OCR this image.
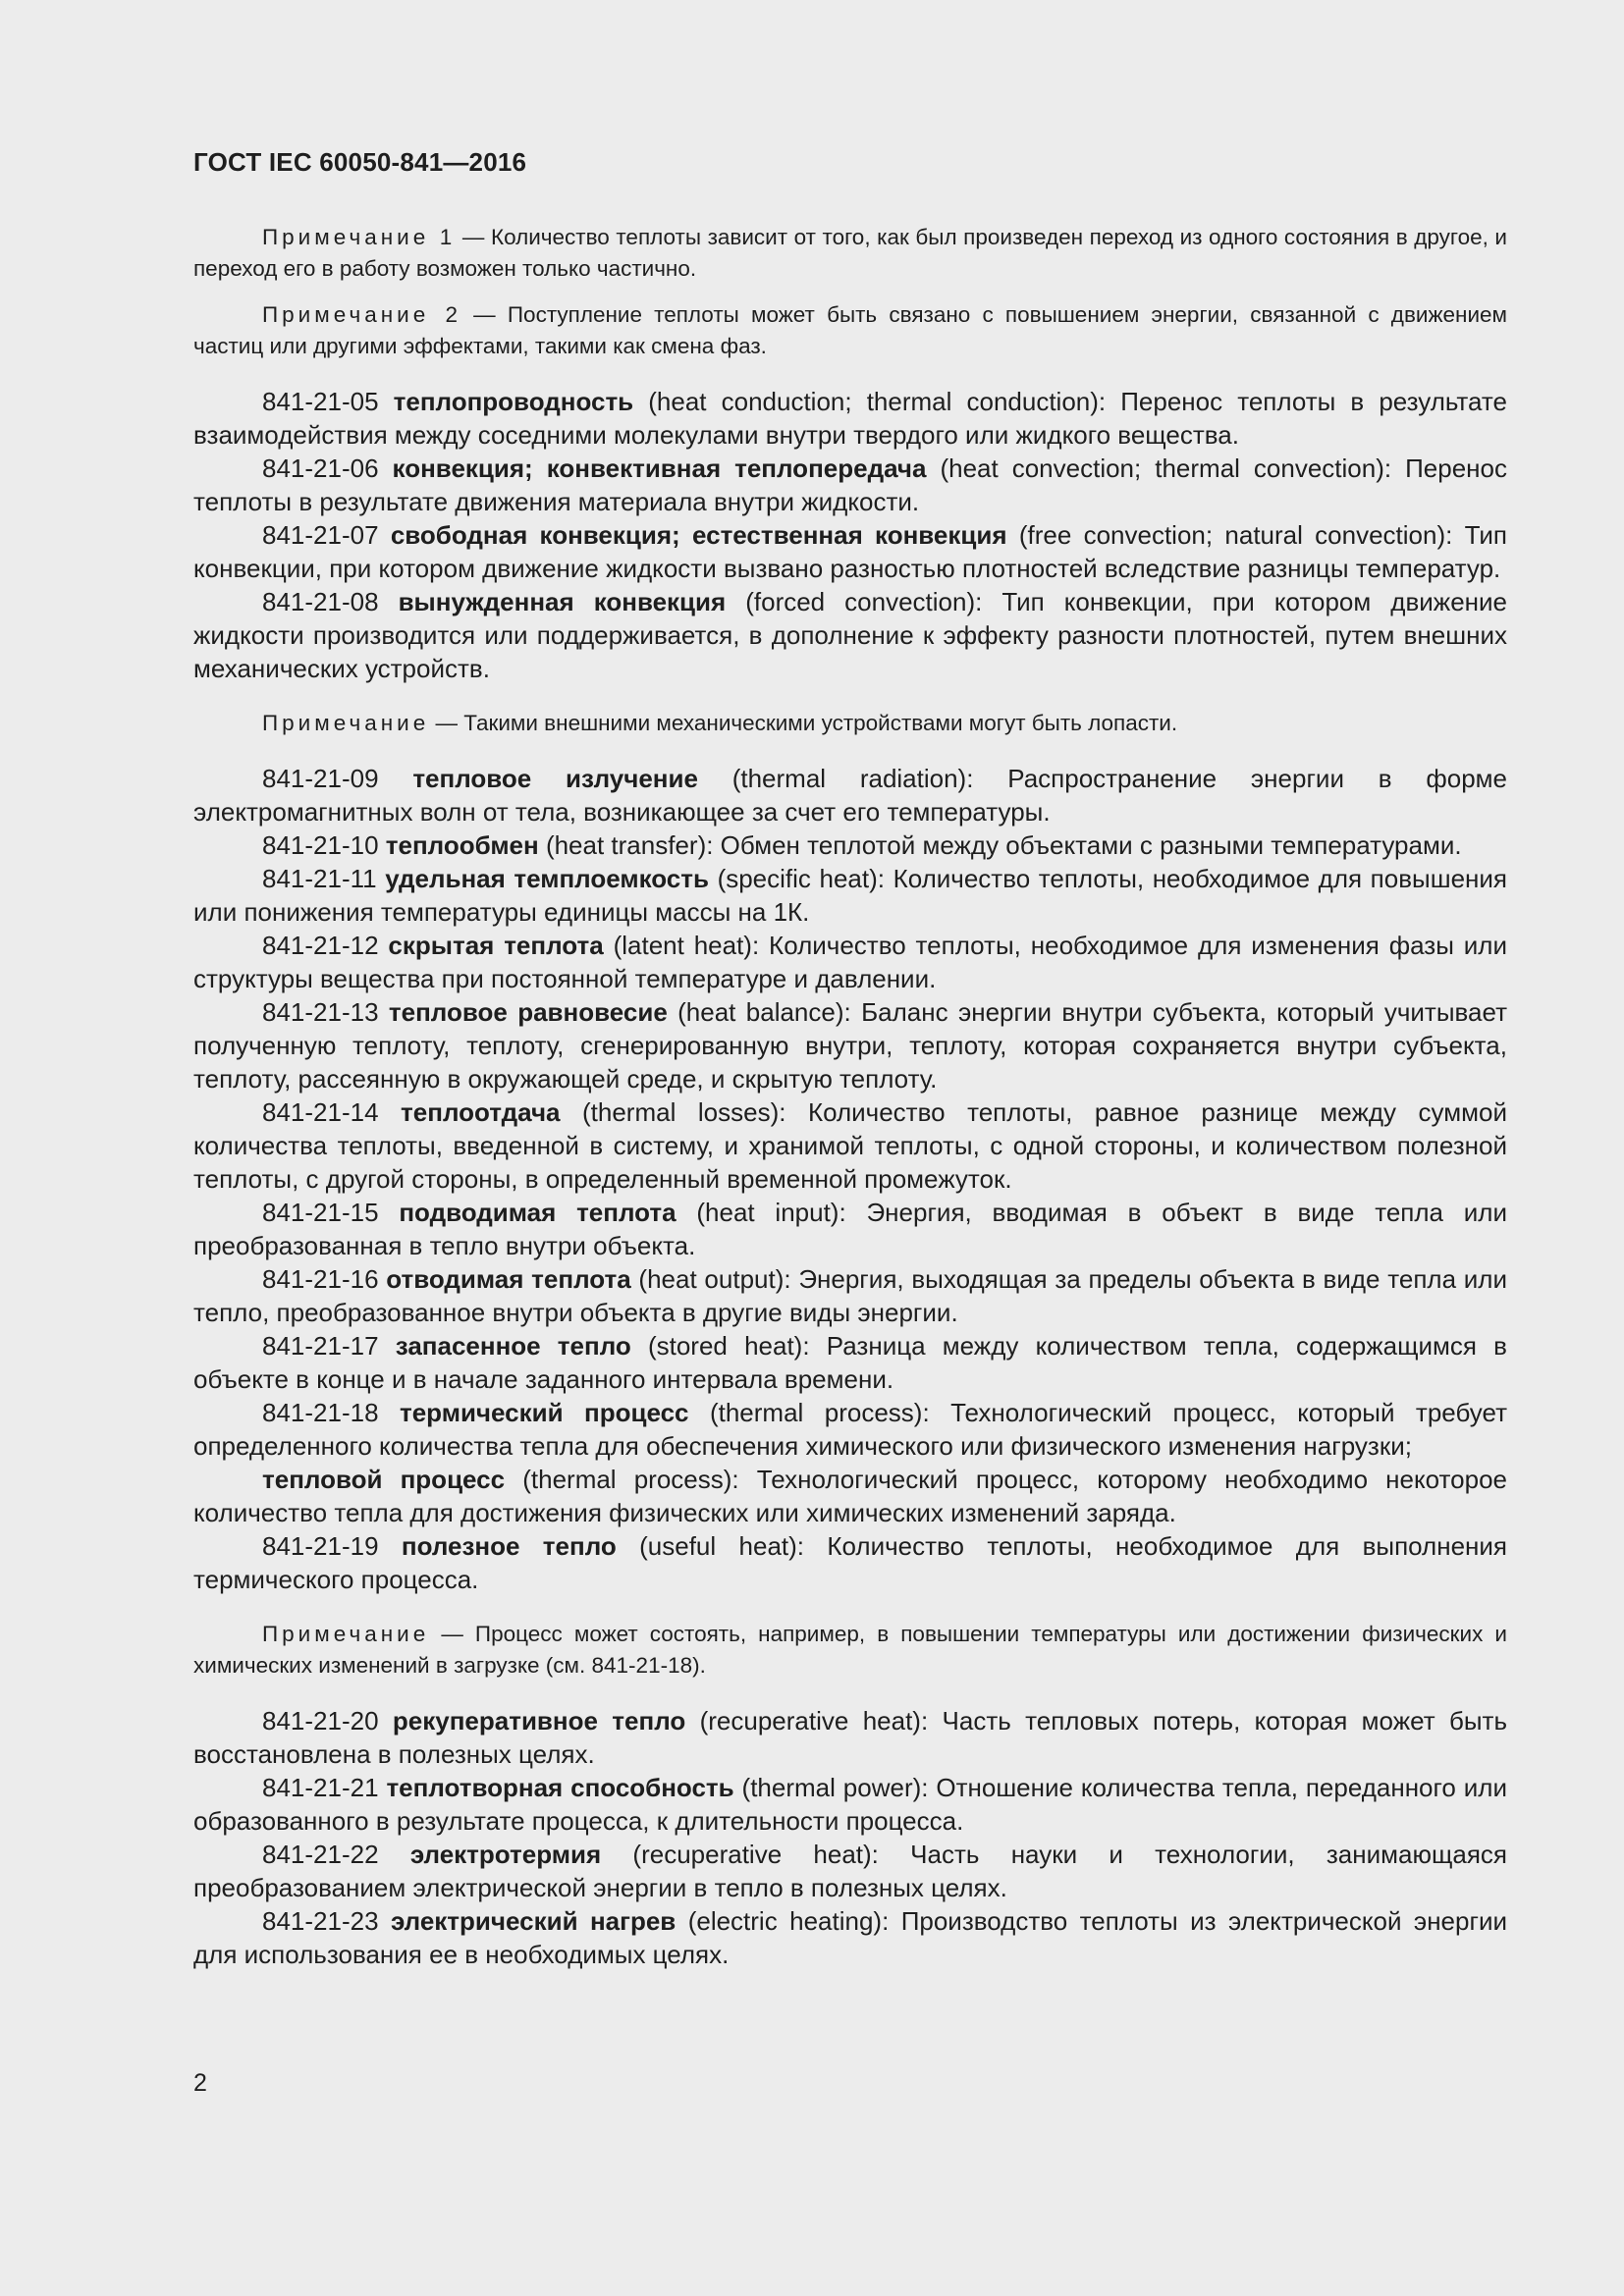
ГОСТ IEC 60050-841—2016

Примечание 1 — Количество теплоты зависит от того, как был произведен переход из одного состояния в другое, и переход его в работу возможен только частично.

Примечание 2 — Поступление теплоты может быть связано с повышением энергии, связанной с движением частиц или другими эффектами, такими как смена фаз.

841-21-05 теплопроводность (heat conduction; thermal conduction): Перенос теплоты в результате взаимодействия между соседними молекулами внутри твердого или жидкого вещества.

841-21-06 конвекция; конвективная теплопередача (heat convection; thermal convection): Перенос теплоты в результате движения материала внутри жидкости.

841-21-07 свободная конвекция; естественная конвекция (free convection; natural convection): Тип конвекции, при котором движение жидкости вызвано разностью плотностей вследствие разницы температур.

841-21-08 вынужденная конвекция (forced convection): Тип конвекции, при котором движение жидкости производится или поддерживается, в дополнение к эффекту разности плотностей, путем внешних механических устройств.

Примечание — Такими внешними механическими устройствами могут быть лопасти.

841-21-09 тепловое излучение (thermal radiation): Распространение энергии в форме электромагнитных волн от тела, возникающее за счет его температуры.

841-21-10 теплообмен (heat transfer): Обмен теплотой между объектами с разными температурами.

841-21-11 удельная темплоемкость (specific heat): Количество теплоты, необходимое для повышения или понижения температуры единицы массы на 1К.

841-21-12 скрытая теплота (latent heat): Количество теплоты, необходимое для изменения фазы или структуры вещества при постоянной температуре и давлении.

841-21-13 тепловое равновесие (heat balance): Баланс энергии внутри субъекта, который учитывает полученную теплоту, теплоту, сгенерированную внутри, теплоту, которая сохраняется внутри субъекта, теплоту, рассеянную в окружающей среде, и скрытую теплоту.

841-21-14 теплоотдача (thermal losses): Количество теплоты, равное разнице между суммой количества теплоты, введенной в систему, и хранимой теплоты, с одной стороны, и количеством полезной теплоты, с другой стороны, в определенный временной промежуток.

841-21-15 подводимая теплота (heat input): Энергия, вводимая в объект в виде тепла или преобразованная в тепло внутри объекта.

841-21-16 отводимая теплота (heat output): Энергия, выходящая за пределы объекта в виде тепла или тепло, преобразованное внутри объекта в другие виды энергии.

841-21-17 запасенное тепло (stored heat): Разница между количеством тепла, содержащимся в объекте в конце и в начале заданного интервала времени.

841-21-18 термический процесс (thermal process): Технологический процесс, который требует определенного количества тепла для обеспечения химического или физического изменения нагрузки;

тепловой процесс (thermal process): Технологический процесс, которому необходимо некоторое количество тепла для достижения физических или химических изменений заряда.

841-21-19 полезное тепло (useful heat): Количество теплоты, необходимое для выполнения термического процесса.

Примечание — Процесс может состоять, например, в повышении температуры или достижении физических и химических изменений в загрузке (см. 841-21-18).

841-21-20 рекуперативное тепло (recuperative heat): Часть тепловых потерь, которая может быть восстановлена в полезных целях.

841-21-21 теплотворная способность (thermal power): Отношение количества тепла, переданного или образованного в результате процесса, к длительности процесса.

841-21-22 электротермия (recuperative heat): Часть науки и технологии, занимающаяся преобразованием электрической энергии в тепло в полезных целях.

841-21-23 электрический нагрев (electric heating): Производство теплоты из электрической энергии для использования ее в необходимых целях.

2
